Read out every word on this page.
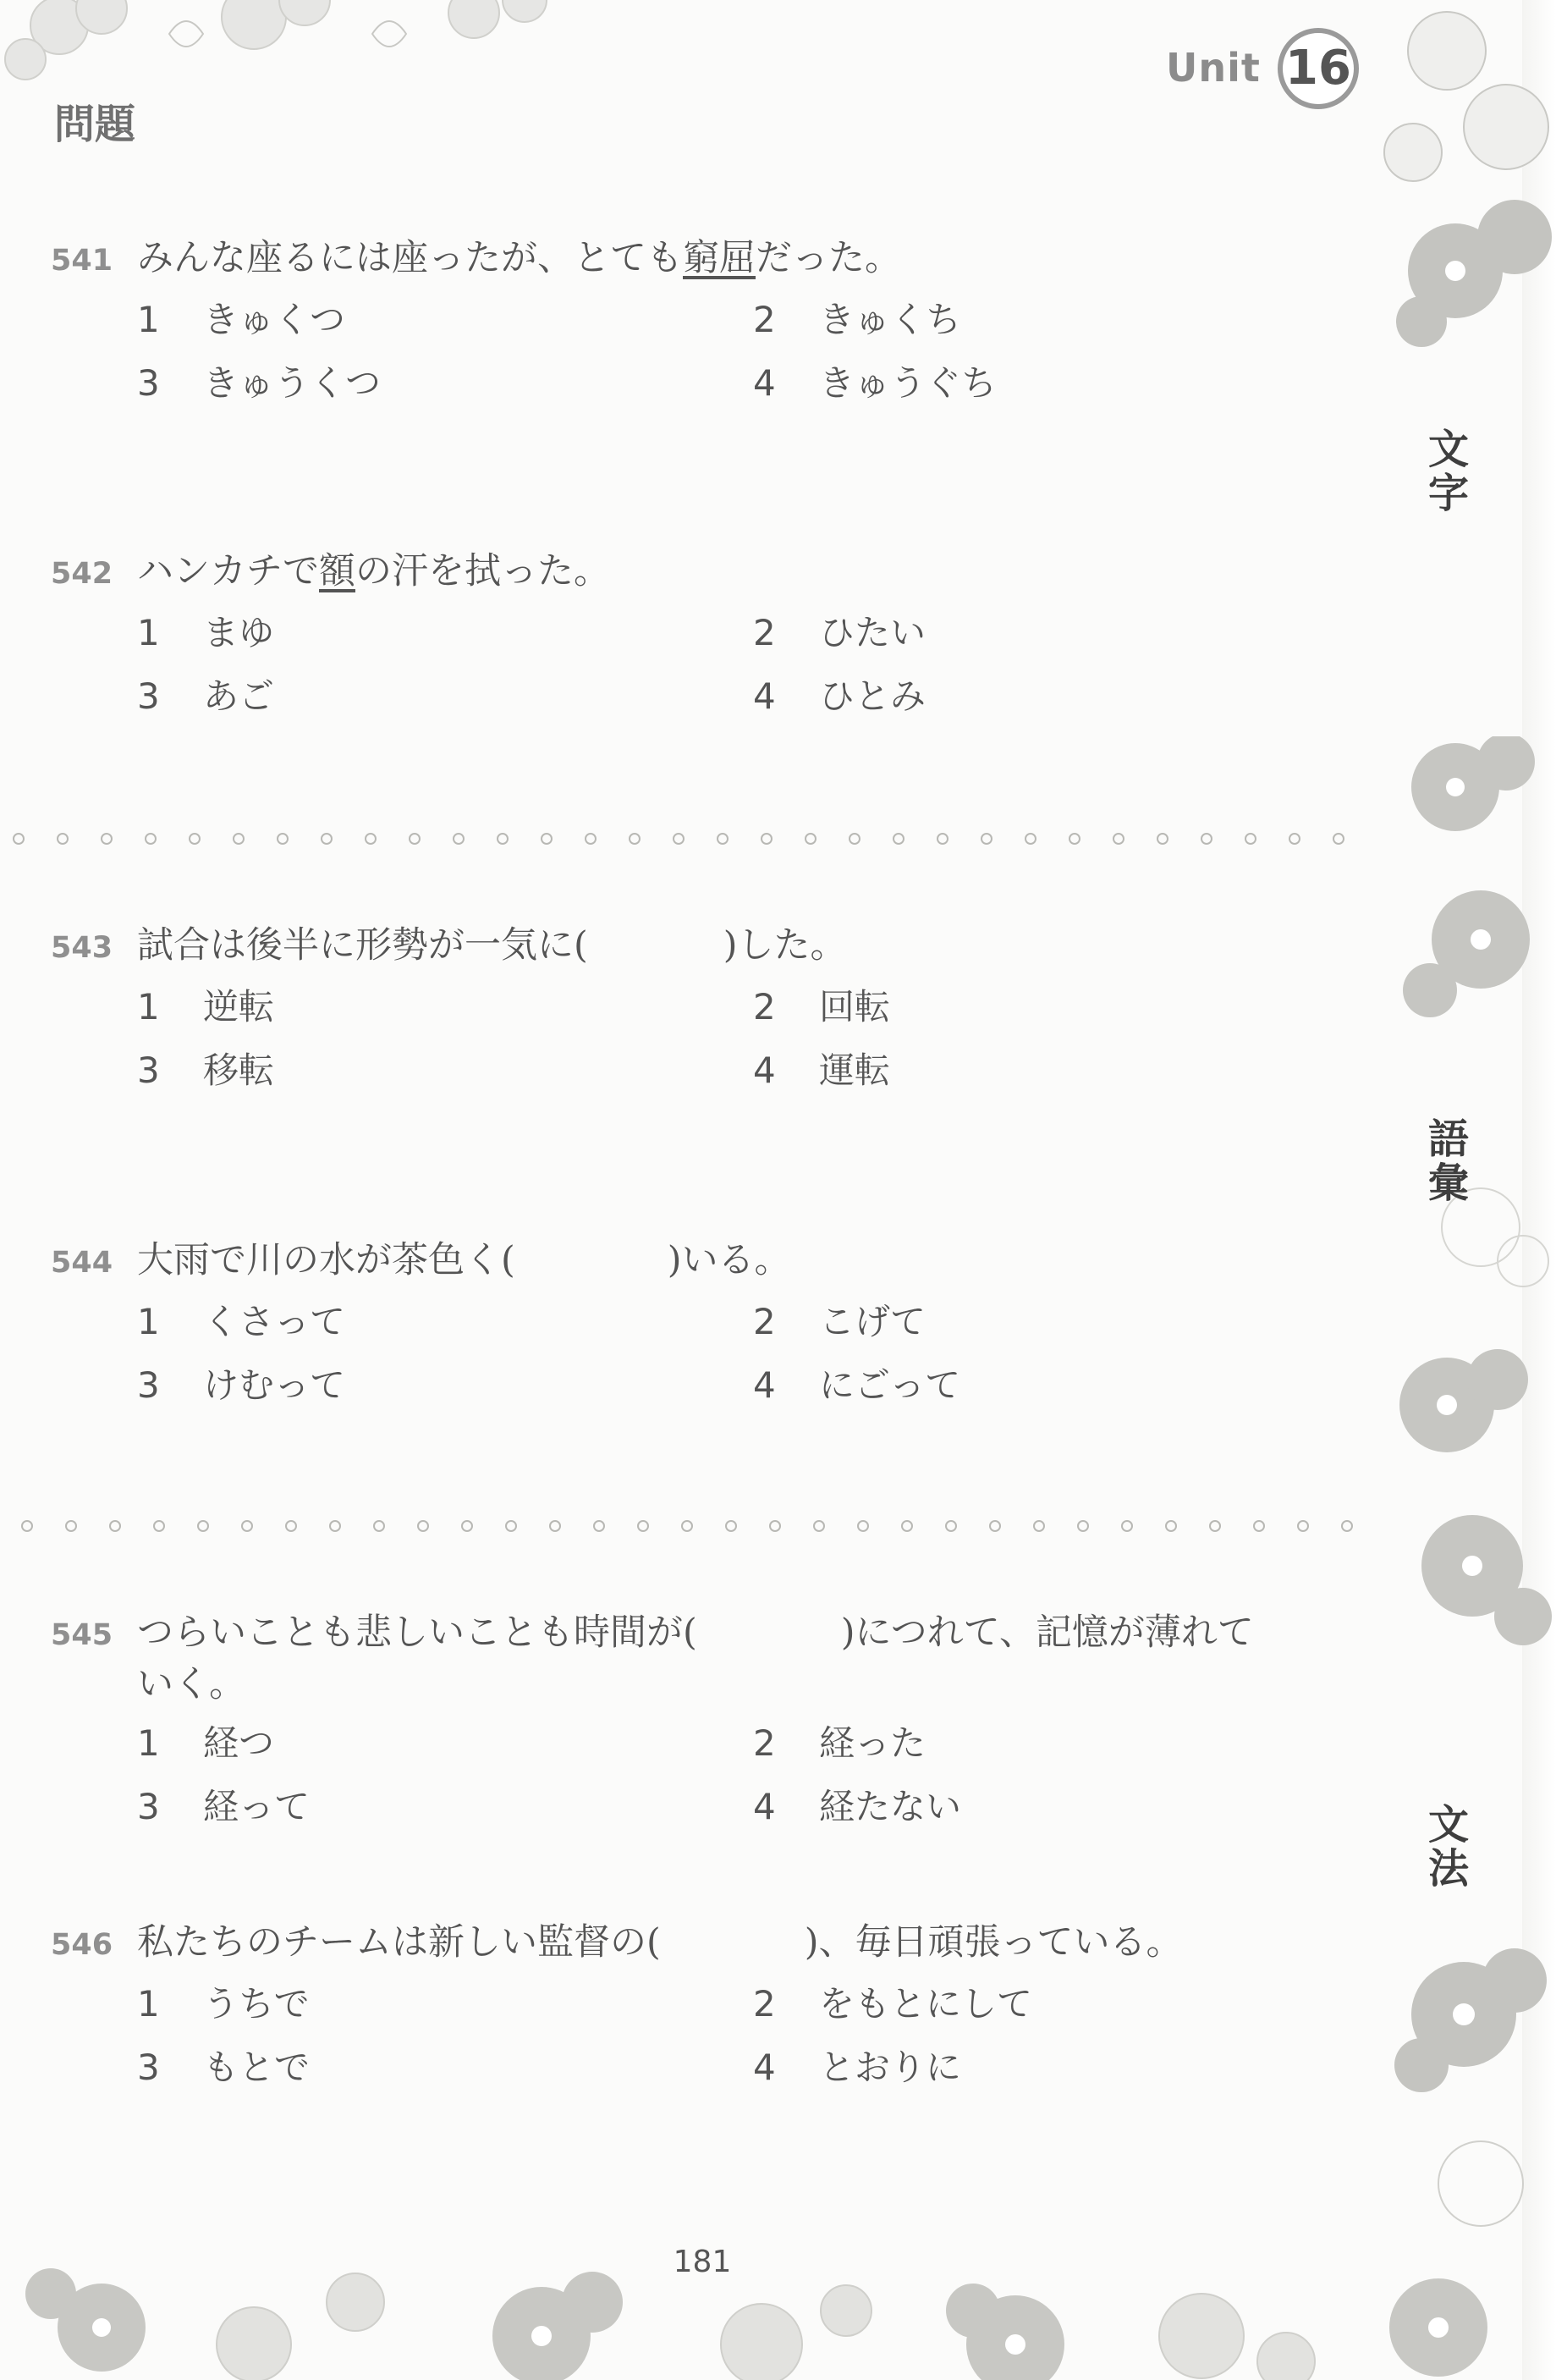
Unit 16
問題
541 みんな座るには座ったが、とても窮屈だった。
1 きゅくつ	2 きゅくち
3 きゅうくつ	4 きゅうぐち
542 ハンカチで額の汗を拭った。
1 まゆ	2 ひたい
3 あご	4 ひとみ
543 試合は後半に形勢が一気に(	)した。
1 逆転	2 回転
3 移転	4 運転
544 大雨で川の水が茶色く(	)いる。
1 くさって	2 こげて
3 けむって	4 にごって
545 つらいことも悲しいことも時間が(	)につれて、記憶が薄れて
いく。
1 経つ	2 経った
3 経って	4 経たない
546 私たちのチームは新しい監督の(	)、毎日頑張っている。
1 うちで	2 をもとにして
3 もとで	4 とおりに
文
字
語
彙
文
法
181
